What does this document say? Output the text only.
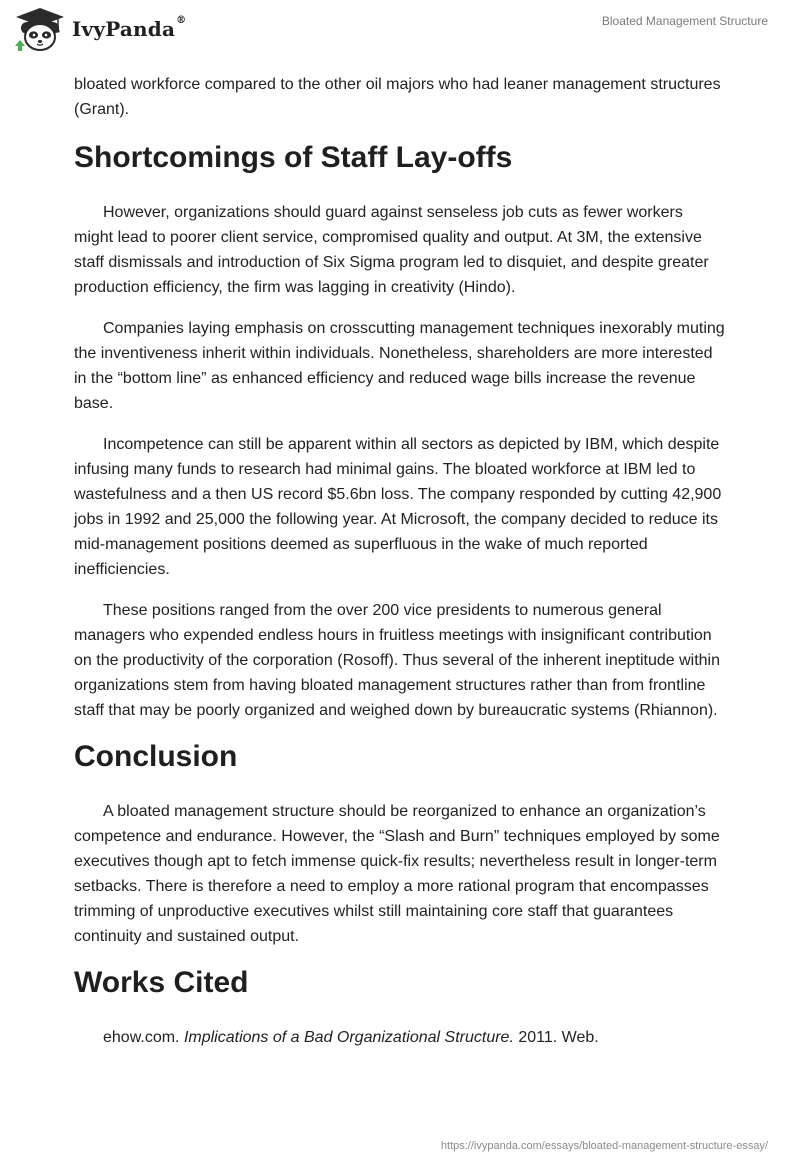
IvyPanda®	Bloated Management Structure

bloated workforce compared to the other oil majors who had leaner management structures (Grant).

Shortcomings of Staff Lay-offs

However, organizations should guard against senseless job cuts as fewer workers might lead to poorer client service, compromised quality and output. At 3M, the extensive staff dismissals and introduction of Six Sigma program led to disquiet, and despite greater production efficiency, the firm was lagging in creativity (Hindo).

Companies laying emphasis on crosscutting management techniques inexorably muting the inventiveness inherit within individuals. Nonetheless, shareholders are more interested in the “bottom line” as enhanced efficiency and reduced wage bills increase the revenue base.

Incompetence can still be apparent within all sectors as depicted by IBM, which despite infusing many funds to research had minimal gains. The bloated workforce at IBM led to wastefulness and a then US record $5.6bn loss. The company responded by cutting 42,900 jobs in 1992 and 25,000 the following year. At Microsoft, the company decided to reduce its mid-management positions deemed as superfluous in the wake of much reported inefficiencies.

These positions ranged from the over 200 vice presidents to numerous general managers who expended endless hours in fruitless meetings with insignificant contribution on the productivity of the corporation (Rosoff). Thus several of the inherent ineptitude within organizations stem from having bloated management structures rather than from frontline staff that may be poorly organized and weighed down by bureaucratic systems (Rhiannon).

Conclusion

A bloated management structure should be reorganized to enhance an organization’s competence and endurance. However, the “Slash and Burn” techniques employed by some executives though apt to fetch immense quick-fix results; nevertheless result in longer-term setbacks. There is therefore a need to employ a more rational program that encompasses trimming of unproductive executives whilst still maintaining core staff that guarantees continuity and sustained output.

Works Cited

ehow.com. Implications of a Bad Organizational Structure. 2011. Web.

https://ivypanda.com/essays/bloated-management-structure-essay/
